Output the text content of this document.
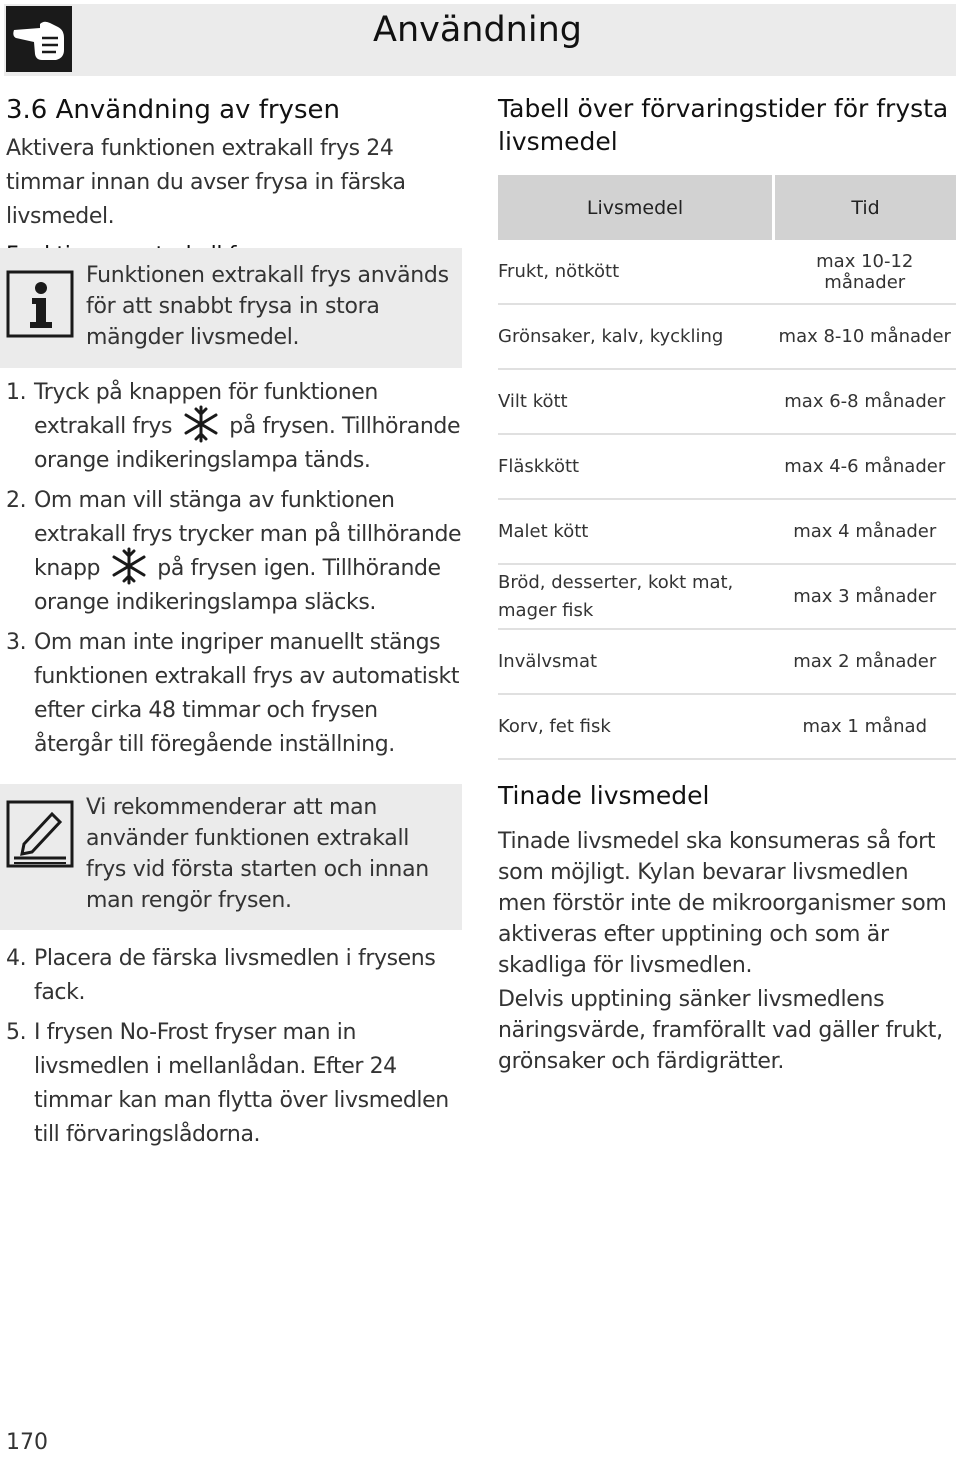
Användning
3.6 Användning av frysen

Aktivera funktionen extrakall frys 24 timmar innan du avser frysa in färska livsmedel.

Funktionen extrakall frys används för att snabbt frysa in stora mängder livsmedel.
1. Tryck på knappen för funktionen extrakall frys	på frysen. Tillhörande orange indikeringslampa tänds.
2. Om man vill stänga av funktionen extrakall frys trycker man på tillhörande knapp	på frysen igen. Tillhörande orange indikeringslampa släcks.
3. Om man inte ingriper manuellt stängs funktionen extrakall frys av automatiskt efter cirka 48 timmar och frysen återgår till föregående inställning.
Vi rekommenderar att man använder funktionen extrakall frys vid första starten och innan man rengör frysen.
4. Placera de färska livsmedlen i frysens fack.
5. I frysen No-Frost fryser man in livsmedlen i mellanlådan. Efter 24 timmar kan man flytta över livsmedlen till förvaringslådorna.

Tabell över förvaringstider för frysta livsmedel

Livsmedel	Tid
Frukt, nötkött	max 10-12 månader
Grönsaker, kalv, kyckling	max 8-10 månader
Vilt kött	max 6-8 månader
Fläskkött	max 4-6 månader
Malet kött	max 4 månader
Bröd, desserter, kokt mat, mager fisk	max 3 månader
Invälvsmat	max 2 månader
Korv, fet fisk	max 1 månad
Tinade livsmedel
Tinade livsmedel ska konsumeras så fort som möjligt. Kylan bevarar livsmedlen men förstör inte de mikroorganismer som aktiveras efter upptining och som är skadliga för livsmedlen.
Delvis upptining sänker livsmedlens näringsvärde, framförallt vad gäller frukt, grönsaker och färdigrätter.
170
